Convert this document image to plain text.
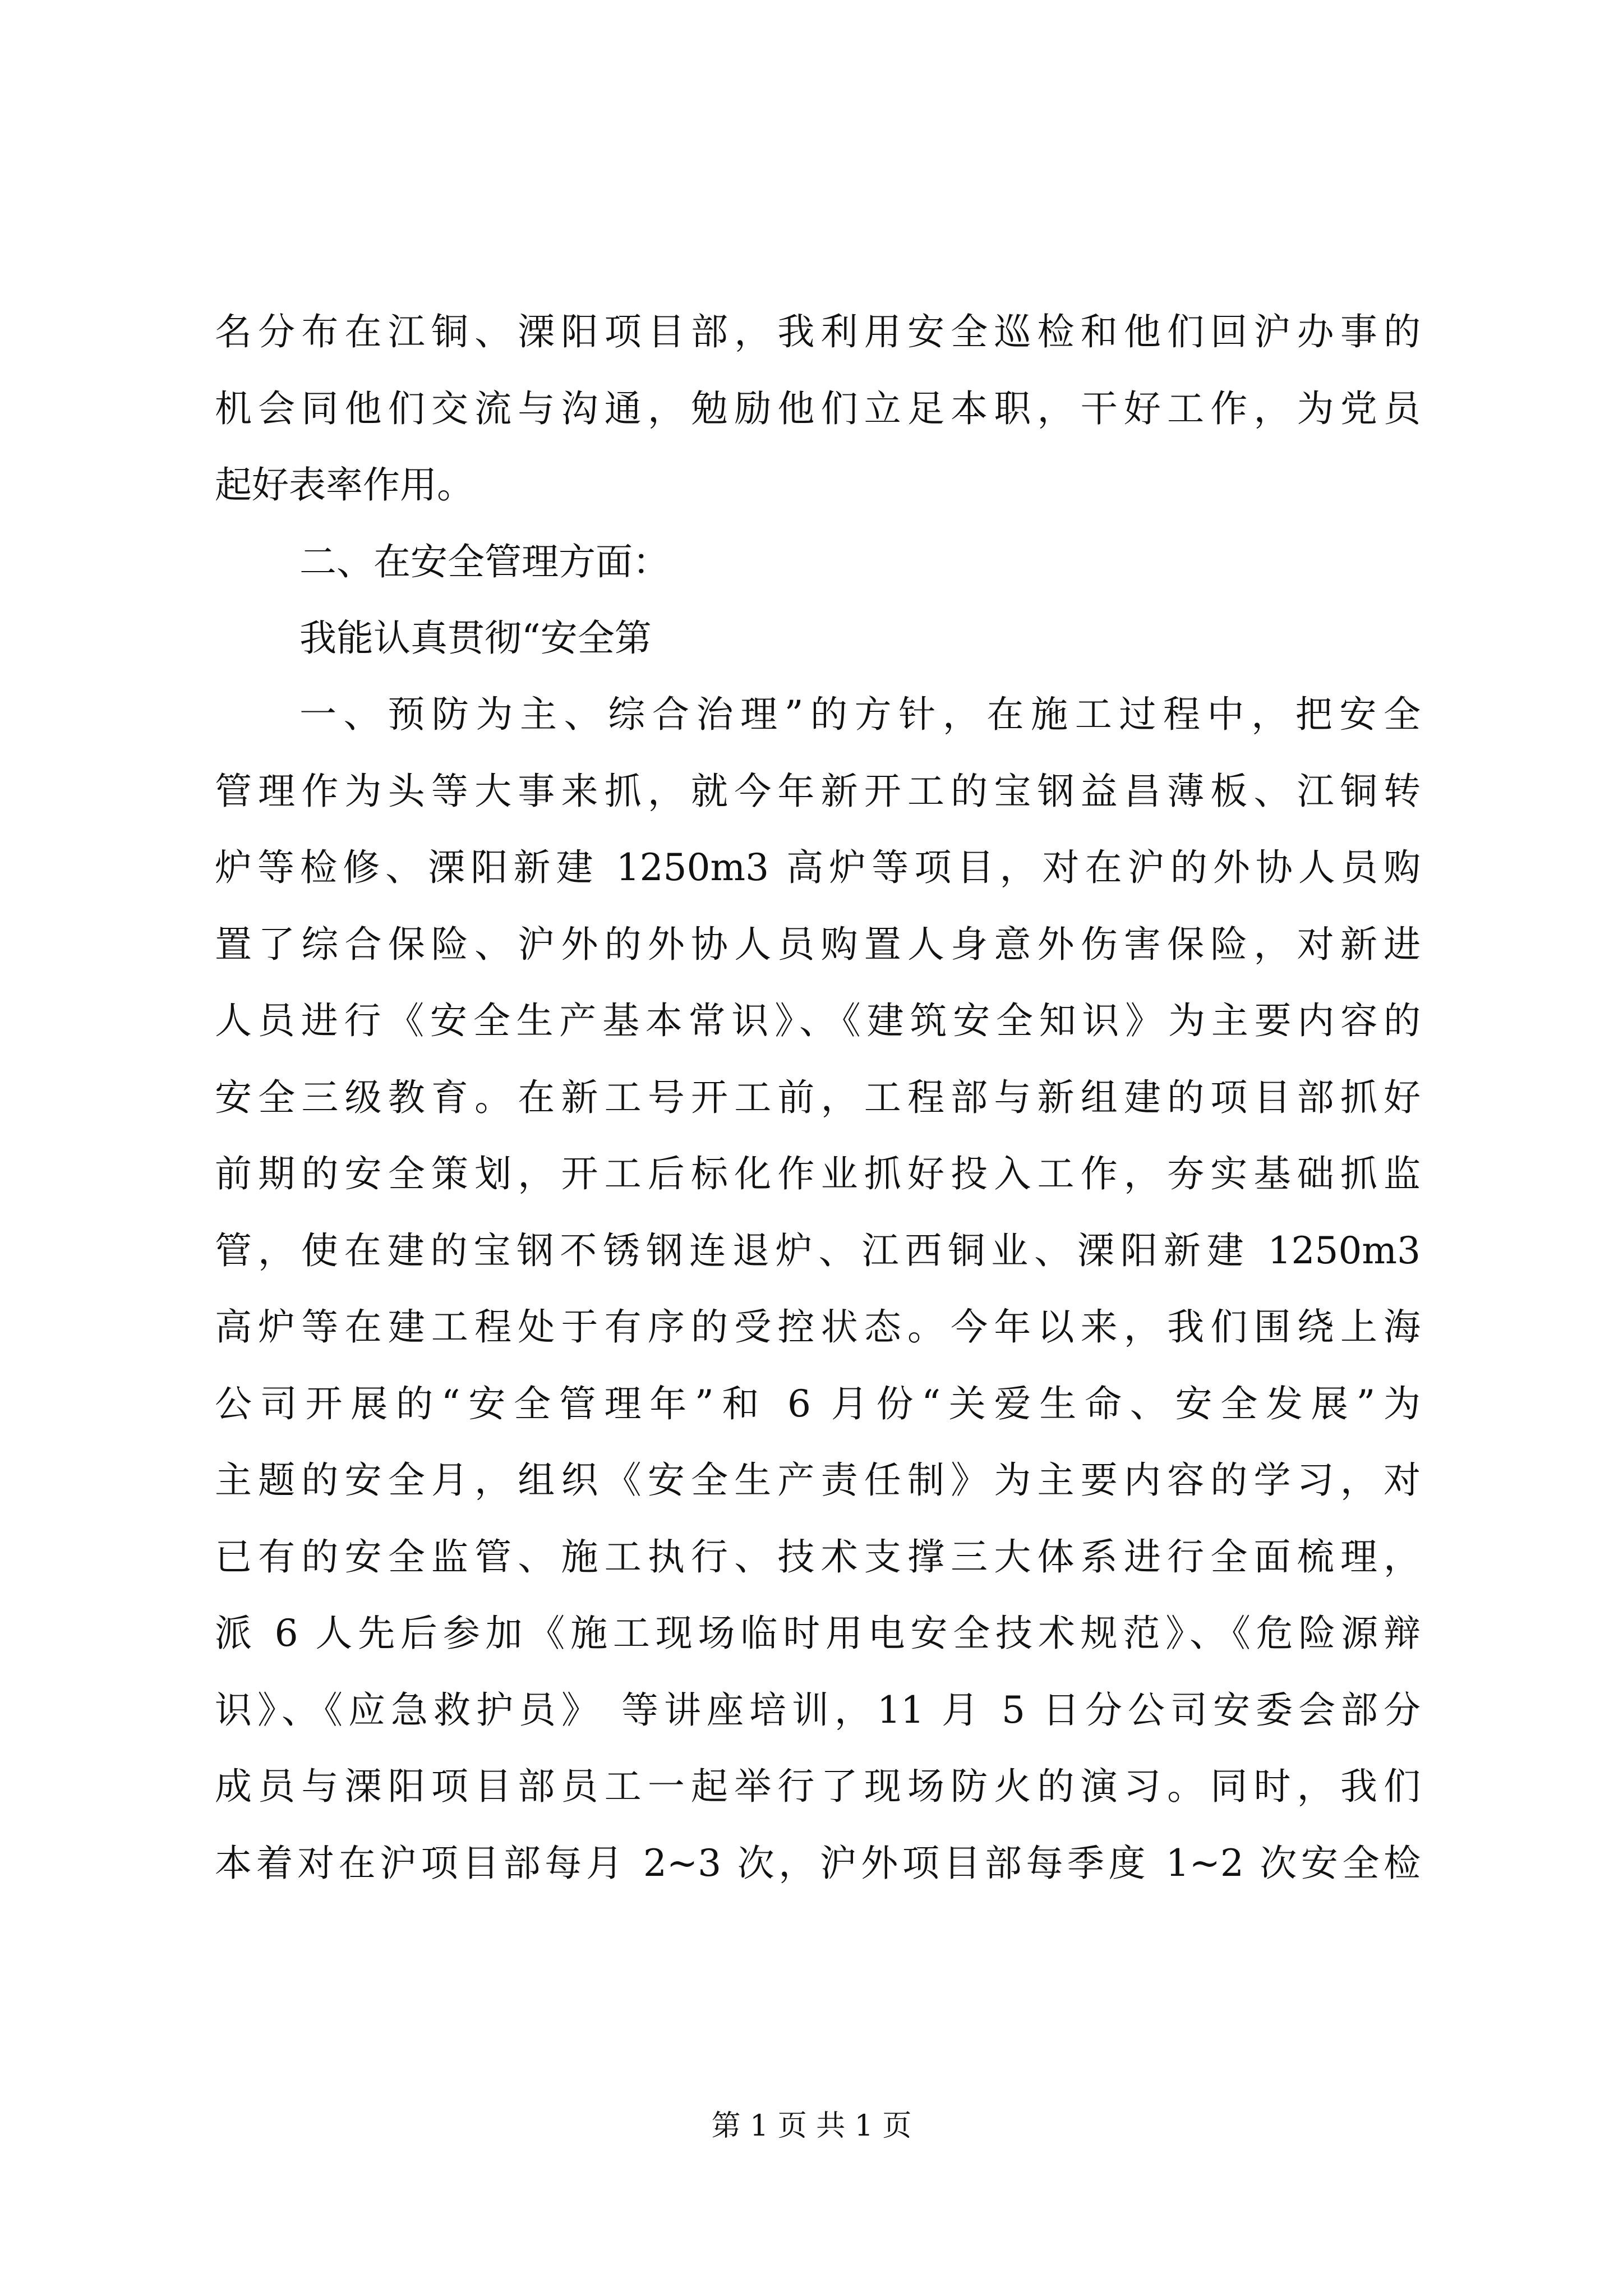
名分布在江铜、溧阳项目部，我利用安全巡检和他们回沪办事的
机会同他们交流与沟通，勉励他们立足本职，干好工作，为党员
起好表率作用。
二、在安全管理方面：
我能认真贯彻“安全第
一、预防为主、综合治理”的方针，在施工过程中，把安全
管理作为头等大事来抓，就今年新开工的宝钢益昌薄板、江铜转
炉等检修、溧阳新建 1250m3 高炉等项目，对在沪的外协人员购
置了综合保险、沪外的外协人员购置人身意外伤害保险，对新进
人员进行《安全生产基本常识》、《建筑安全知识》为主要内容的
安全三级教育。在新工号开工前，工程部与新组建的项目部抓好
前期的安全策划，开工后标化作业抓好投入工作，夯实基础抓监
管，使在建的宝钢不锈钢连退炉、江西铜业、溧阳新建 1250m3
高炉等在建工程处于有序的受控状态。今年以来，我们围绕上海
公司开展的“安全管理年”和 6 月份“关爱生命、安全发展”为
主题的安全月，组织《安全生产责任制》为主要内容的学习，对
已有的安全监管、施工执行、技术支撑三大体系进行全面梳理，
派 6 人先后参加《施工现场临时用电安全技术规范》、《危险源辩
识》、《应急救护员》 等讲座培训，11 月 5 日分公司安委会部分
成员与溧阳项目部员工一起举行了现场防火的演习。同时，我们
本着对在沪项目部每月 2~3 次，沪外项目部每季度 1~2 次安全检
第 1 页 共 1 页
